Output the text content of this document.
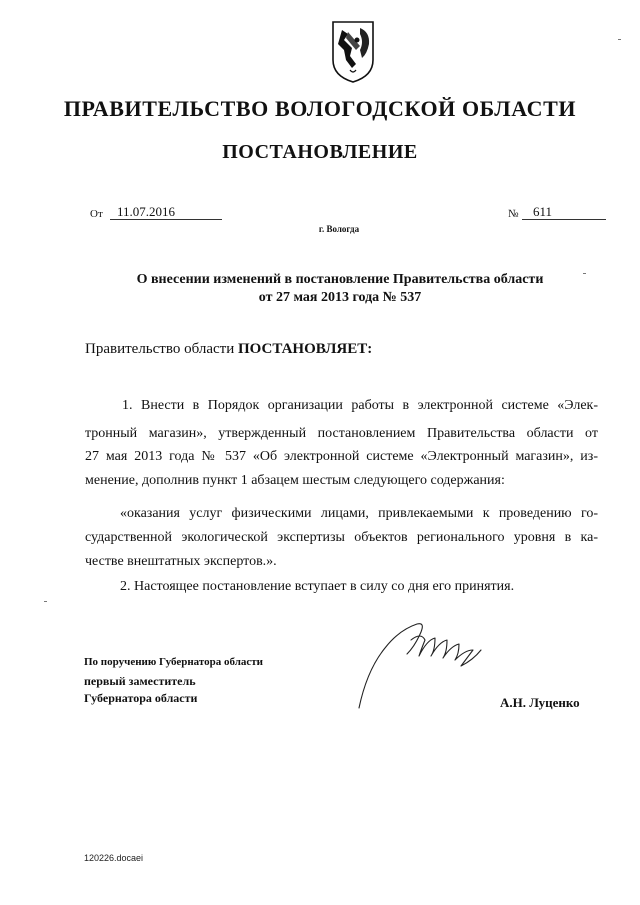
ПРАВИТЕЛЬСТВО ВОЛОГОДСКОЙ ОБЛАСТИ
ПОСТАНОВЛЕНИЕ
От 11.07.2016	№ 611
г. Вологда
О внесении изменений в постановление Правительства области
от 27 мая 2013 года № 537
Правительство области ПОСТАНОВЛЯЕТ:
1. Внести в Порядок организации работы в электронной системе «Элек-
тронный магазин», утвержденный постановлением Правительства области от
27 мая 2013 года № 537 «Об электронной системе «Электронный магазин», из-
менение, дополнив пункт 1 абзацем шестым следующего содержания:
«оказания услуг физическими лицами, привлекаемыми к проведению го-
сударственной экологической экспертизы объектов регионального уровня в ка-
честве внештатных экспертов.».
2. Настоящее постановление вступает в силу со дня его принятия.
По поручению Губернатора области
первый заместитель
Губернатора области	А.Н. Луценко
120226.docaei
